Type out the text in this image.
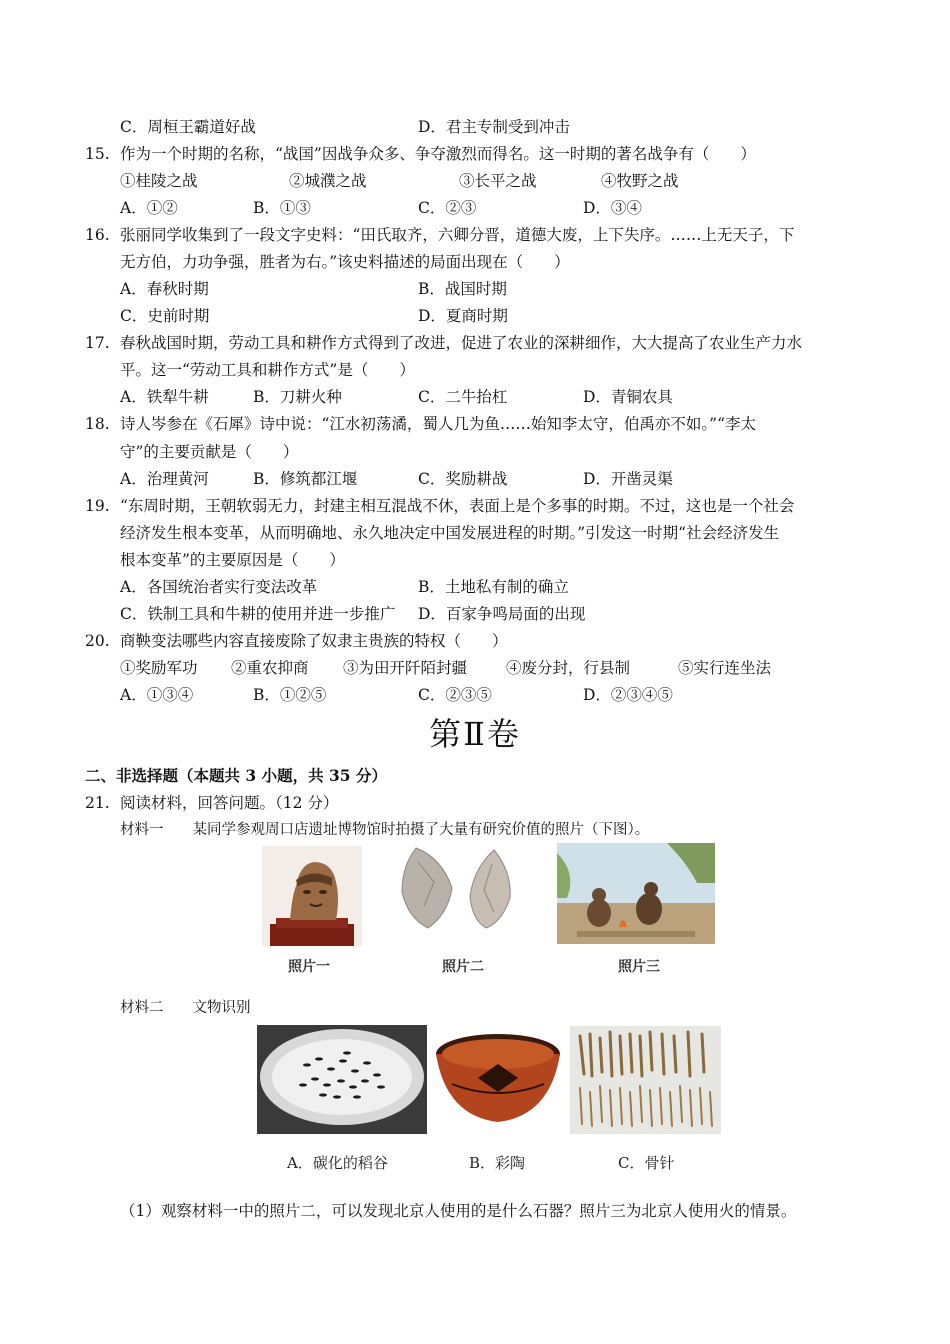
C．周桓王霸道好战	D．君主专制受到冲击
15. 作为一个时期的名称，“战国”因战争众多、争夺激烈而得名。这一时期的著名战争有（　　）
①桂陵之战	②城濮之战	③长平之战	④牧野之战
A．①②	B．①③	C．②③	D．③④
16. 张丽同学收集到了一段文字史料：“田氏取齐，六卿分晋，道德大废，上下失序。……上无天子，下
无方伯，力功争强，胜者为右。”该史料描述的局面出现在（　　）
A．春秋时期	B．战国时期
C．史前时期	D．夏商时期
17. 春秋战国时期，劳动工具和耕作方式得到了改进，促进了农业的深耕细作，大大提高了农业生产力水
平。这一“劳动工具和耕作方式”是（　　）
A．铁犁牛耕	B．刀耕火种	C．二牛抬杠	D．青铜农具
18. 诗人岑参在《石犀》诗中说：“江水初荡潏，蜀人几为鱼……始知李太守，伯禹亦不如。”“李太
守”的主要贡献是（　　）
A．治理黄河	B．修筑都江堰	C．奖励耕战	D．开凿灵渠
19. “东周时期，王朝软弱无力，封建主相互混战不休，表面上是个多事的时期。不过，这也是一个社会
经济发生根本变革，从而明确地、永久地决定中国发展进程的时期。”引发这一时期“社会经济发生
根本变革”的主要原因是（　　）
A．各国统治者实行变法改革	B．土地私有制的确立
C．铁制工具和牛耕的使用并进一步推广 D．百家争鸣局面的出现
20. 商鞅变法哪些内容直接废除了奴隶主贵族的特权（　　）
①奖励军功 ②重农抑商 ③为田开阡陌封疆	④废分封，行县制	⑤实行连坐法
A．①③④	B．①②⑤	C．②③⑤	D．②③④⑤
第Ⅱ卷
二、非选择题（本题共 3 小题，共 35 分）
21. 阅读材料，回答问题。（12 分）
材料一　　某同学参观周口店遗址博物馆时拍摄了大量有研究价值的照片（下图）。
照片一	照片二	照片三
材料二　　文物识别
A．碳化的稻谷	B．彩陶	C．骨针
（1）观察材料一中的照片二，可以发现北京人使用的是什么石器？照片三为北京人使用火的情景。
